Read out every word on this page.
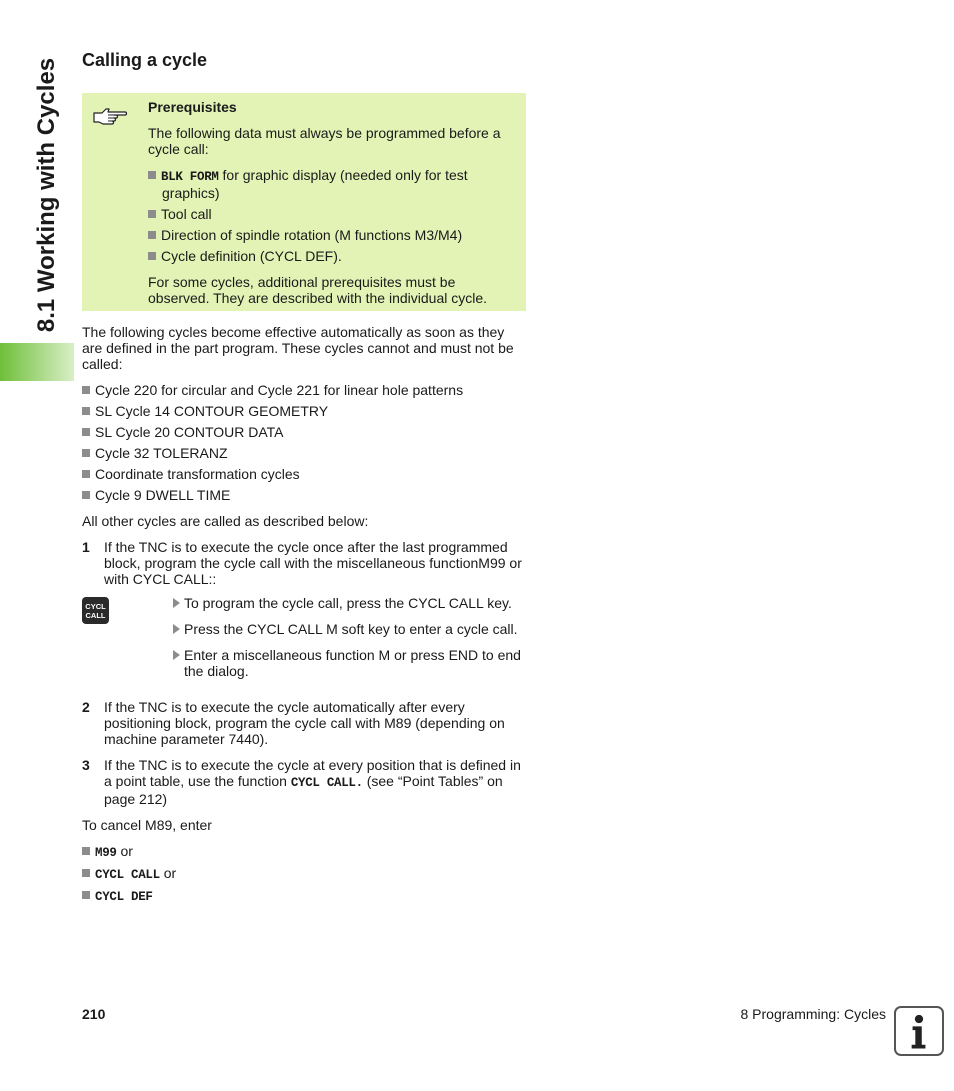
8.1 Working with Cycles Calling a cycle

Prerequisites

The following data must always be programmed before a cycle call:

BLK FORM for graphic display (needed only for test graphics)
Tool call
Direction of spindle rotation (M functions M3/M4)
Cycle definition (CYCL DEF).

For some cycles, additional prerequisites must be observed. They are described with the individual cycle.

The following cycles become effective automatically as soon as they are defined in the part program. These cycles cannot and must not be called:

Cycle 220 for circular and Cycle 221 for linear hole patterns
SL Cycle 14 CONTOUR GEOMETRY
SL Cycle 20 CONTOUR DATA
Cycle 32 TOLERANZ
Coordinate transformation cycles
Cycle 9 DWELL TIME

All other cycles are called as described below:

1 If the TNC is to execute the cycle once after the last programmed block, program the cycle call with the miscellaneous functionM99 or with CYCL CALL::
CYCL
CALL
To program the cycle call, press the CYCL CALL key.
Press the CYCL CALL M soft key to enter a cycle call.
Enter a miscellaneous function M or press END to end the dialog.
2 If the TNC is to execute the cycle automatically after every positioning block, program the cycle call with M89 (depending on machine parameter 7440).
3 If the TNC is to execute the cycle at every position that is defined in a point table, use the function CYCL CALL. (see “Point Tables” on page 212)

To cancel M89, enter

M99 or
CYCL CALL or
CYCL DEF
210	8 Programming: Cycles
